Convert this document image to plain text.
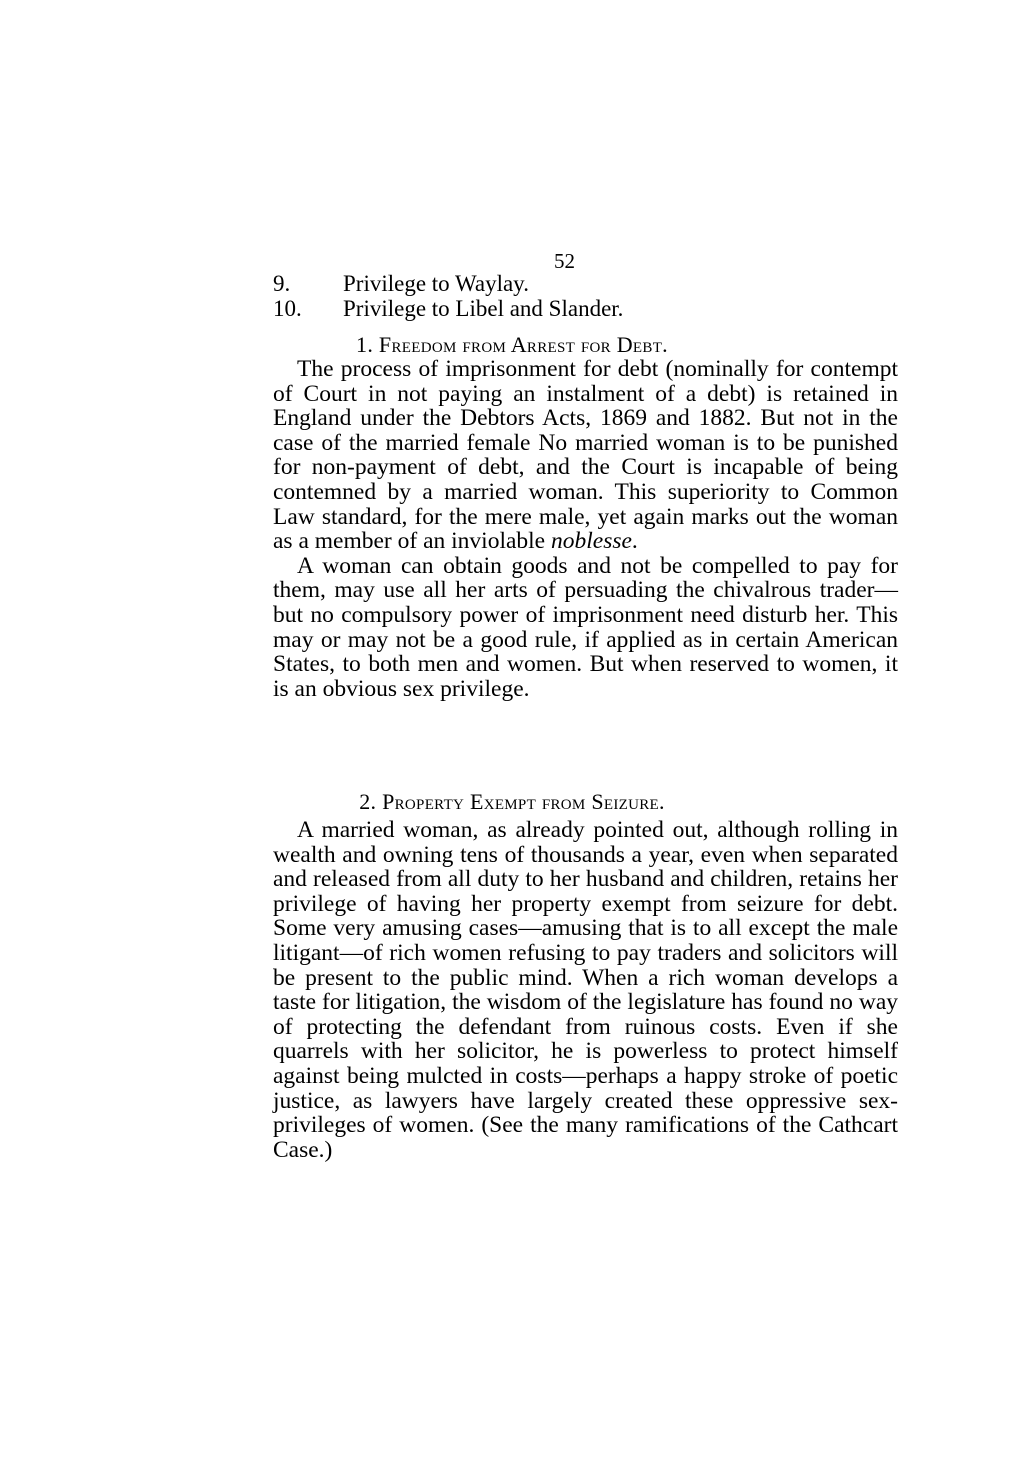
52
9. Privilege to Waylay.
10. Privilege to Libel and Slander.
1. Freedom from Arrest for Debt.

The process of imprisonment for debt (nominally for contempt of Court in not paying an instalment of a debt) is retained in England under the Debtors Acts, 1869 and 1882. But not in the case of the married female No married woman is to be punished for non-payment of debt, and the Court is incapable of being contemned by a married woman. This superiority to Common Law standard, for the mere male, yet again marks out the woman as a member of an inviolable noblesse.

A woman can obtain goods and not be compelled to pay for them, may use all her arts of persuading the chivalrous trader—but no compulsory power of imprisonment need disturb her. This may or may not be a good rule, if applied as in certain American States, to both men and women. But when reserved to women, it is an obvious sex privilege.

2. Property Exempt from Seizure.

A married woman, as already pointed out, although rolling in wealth and owning tens of thousands a year, even when separated and released from all duty to her husband and children, retains her privilege of having her property exempt from seizure for debt. Some very amusing cases—amusing that is to all except the male litigant—of rich women refusing to pay traders and solicitors will be present to the public mind. When a rich woman develops a taste for litigation, the wisdom of the legislature has found no way of protecting the defendant from ruinous costs. Even if she quarrels with her solicitor, he is powerless to protect himself against being mulcted in costs—perhaps a happy stroke of poetic justice, as lawyers have largely created these oppressive sex-privileges of women. (See the many ramifications of the Cathcart Case.)
